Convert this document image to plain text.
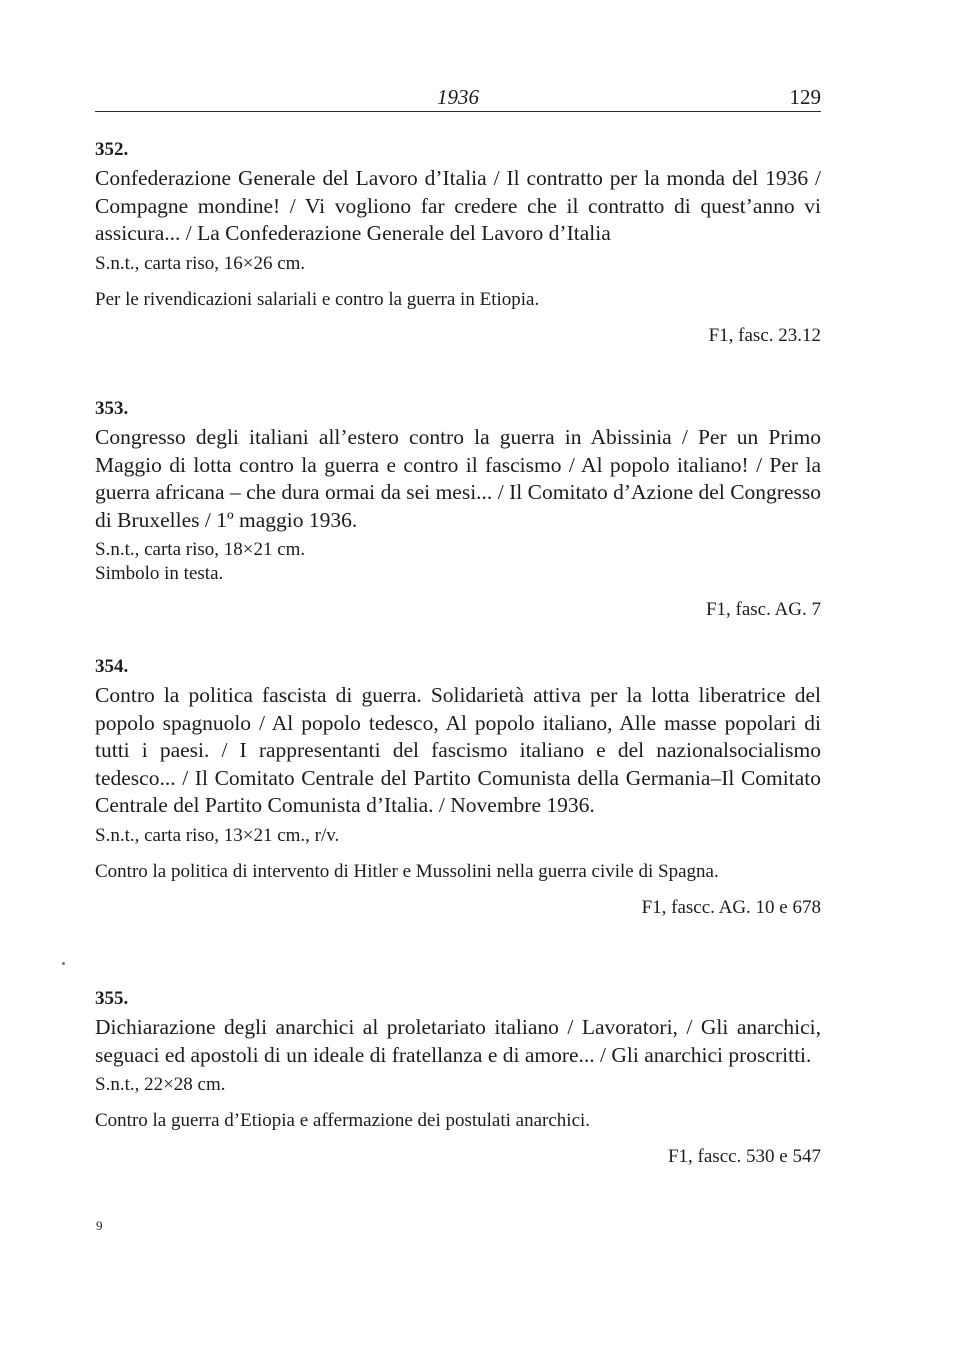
1936	129
352.

Confederazione Generale del Lavoro d’Italia / Il contratto per la monda del 1936 / Compagne mondine! / Vi vogliono far credere che il contratto di quest’anno vi assicura... / La Confederazione Generale del Lavoro d’Italia

S.n.t., carta riso, 16×26 cm.
Per le rivendicazioni salariali e contro la guerra in Etiopia.
F1, fasc. 23.12
353.

Congresso degli italiani all’estero contro la guerra in Abissinia / Per un Primo Maggio di lotta contro la guerra e contro il fascismo / Al popolo italiano! / Per la guerra africana – che dura ormai da sei mesi... / Il Comitato d’Azione del Congresso di Bruxelles / 1º maggio 1936.

S.n.t., carta riso, 18×21 cm.
Simbolo in testa.
F1, fasc. AG. 7
354.

Contro la politica fascista di guerra. Solidarietà attiva per la lotta liberatrice del popolo spagnuolo / Al popolo tedesco, Al popolo italiano, Alle masse popolari di tutti i paesi. / I rappresentanti del fascismo italiano e del nazionalsocialismo tedesco... / Il Comitato Centrale del Partito Comunista della Germania–Il Comitato Centrale del Partito Comunista d’Italia. / Novembre 1936.

S.n.t., carta riso, 13×21 cm., r/v.
Contro la politica di intervento di Hitler e Mussolini nella guerra civile di Spagna.
F1, fascc. AG. 10 e 678
355.

Dichiarazione degli anarchici al proletariato italiano / Lavoratori, / Gli anarchici, seguaci ed apostoli di un ideale di fratellanza e di amore... / Gli anarchici proscritti.

S.n.t., 22×28 cm.
Contro la guerra d’Etiopia e affermazione dei postulati anarchici.
F1, fascc. 530 e 547
9
